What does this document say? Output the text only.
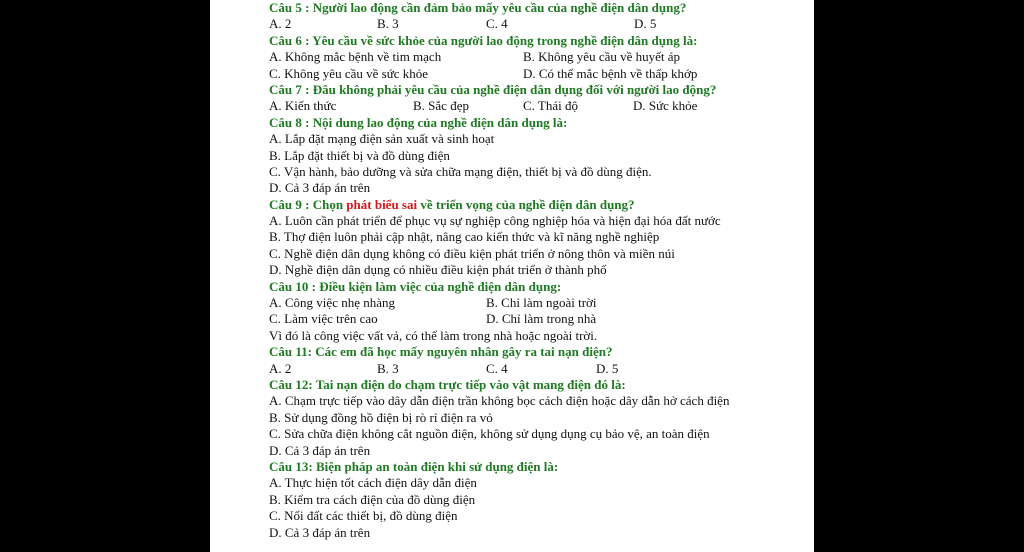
Câu 5 : Người lao động cần đảm bảo mấy yêu cầu của nghề điện dân dụng?
A. 2	B. 3	C. 4	D. 5
Câu 6 : Yêu cầu về sức khỏe của người lao động trong nghề điện dân dụng là:
A. Không mắc bệnh về tim mạch	B. Không yêu cầu về huyết áp
C. Không yêu cầu về sức khỏe	D. Có thể mắc bệnh về thấp khớp
Câu 7 : Đâu không phải yêu cầu của nghề điện dân dụng đối với người lao động?
A. Kiến thức	B. Sắc đẹp	C. Thái độ	D. Sức khỏe
Câu 8 : Nội dung lao động của nghề điện dân dụng là:
A. Lắp đặt mạng điện sản xuất và sinh hoạt
B. Lắp đặt thiết bị và đồ dùng điện
C. Vận hành, bảo dưỡng và sửa chữa mạng điện, thiết bị và đồ dùng điện.
D. Cả 3 đáp án trên
Câu 9 : Chọn phát biểu sai về triển vọng của nghề điện dân dụng?
A. Luôn cần phát triển để phục vụ sự nghiệp công nghiệp hóa và hiện đại hóa đất nước
B. Thợ điện luôn phải cập nhật, nâng cao kiến thức và kĩ năng nghề nghiệp
C. Nghề điện dân dụng không có điều kiện phát triển ở nông thôn và miền núi
D. Nghề điện dân dụng có nhiều điều kiện phát triển ở thành phố
Câu 10 : Điều kiện làm việc của nghề điện dân dụng:
A. Công việc nhẹ nhàng	B. Chỉ làm ngoài trời
C. Làm việc trên cao	D. Chỉ làm trong nhà
Vì đó là công việc vất vả, có thể làm trong nhà hoặc ngoài trời.
Câu 11: Các em đã học mấy nguyên nhân gây ra tai nạn điện?
A. 2	B. 3	C. 4	D. 5
Câu 12: Tai nạn điện do chạm trực tiếp vào vật mang điện đó là:
A. Chạm trực tiếp vào dây dẫn điện trần không bọc cách điện hoặc dây dẫn hở cách điện
B. Sử dụng đồng hồ điện bị rò rỉ điện ra vỏ
C. Sửa chữa điện không cắt nguồn điện, không sử dụng dụng cụ bảo vệ, an toàn điện
D. Cả 3 đáp án trên
Câu 13: Biện pháp an toàn điện khi sử dụng điện là:
A. Thực hiện tốt cách điện dây dẫn điện
B. Kiểm tra cách điện của đồ dùng điện
C. Nối đất các thiết bị, đồ dùng điện
D. Cả 3 đáp án trên
